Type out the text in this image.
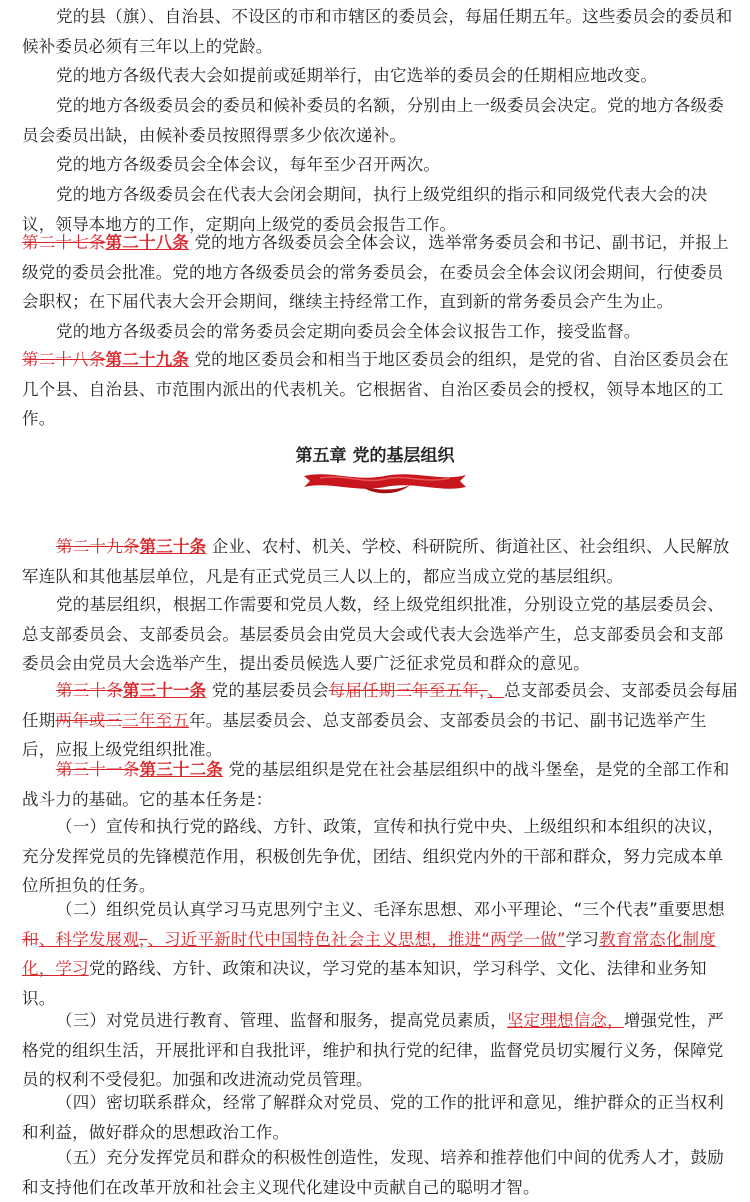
党的县（旗）、自治县、不设区的市和市辖区的委员会，每届任期五年。这些委员会的委员和候补委员必须有三年以上的党龄。

党的地方各级代表大会如提前或延期举行，由它选举的委员会的任期相应地改变。

党的地方各级委员会的委员和候补委员的名额，分别由上一级委员会决定。党的地方各级委员会委员出缺，由候补委员按照得票多少依次递补。

党的地方各级委员会全体会议，每年至少召开两次。

党的地方各级委员会在代表大会闭会期间，执行上级党组织的指示和同级党代表大会的决议，领导本地方的工作，定期向上级党的委员会报告工作。

第二十七条第二十八条 党的地方各级委员会全体会议，选举常务委员会和书记、副书记，并报上级党的委员会批准。党的地方各级委员会的常务委员会，在委员会全体会议闭会期间，行使委员会职权；在下届代表大会开会期间，继续主持经常工作，直到新的常务委员会产生为止。

党的地方各级委员会的常务委员会定期向委员会全体会议报告工作，接受监督。

第二十八条第二十九条 党的地区委员会和相当于地区委员会的组织，是党的省、自治区委员会在几个县、自治县、市范围内派出的代表机关。它根据省、自治区委员会的授权，领导本地区的工作。

第五章 党的基层组织

第二十九条第三十条 企业、农村、机关、学校、科研院所、街道社区、社会组织、人民解放军连队和其他基层单位，凡是有正式党员三人以上的，都应当成立党的基层组织。

党的基层组织，根据工作需要和党员人数，经上级党组织批准，分别设立党的基层委员会、总支部委员会、支部委员会。基层委员会由党员大会或代表大会选举产生，总支部委员会和支部委员会由党员大会选举产生，提出委员候选人要广泛征求党员和群众的意见。

第三十条第三十一条 党的基层委员会每届任期三年至五年，、总支部委员会、支部委员会每届任期两年或三三年至五年。基层委员会、总支部委员会、支部委员会的书记、副书记选举产生后，应报上级党组织批准。

第三十一条第三十二条 党的基层组织是党在社会基层组织中的战斗堡垒，是党的全部工作和战斗力的基础。它的基本任务是：

（一）宣传和执行党的路线、方针、政策，宣传和执行党中央、上级组织和本组织的决议，充分发挥党员的先锋模范作用，积极创先争优，团结、组织党内外的干部和群众，努力完成本单位所担负的任务。

（二）组织党员认真学习马克思列宁主义、毛泽东思想、邓小平理论、“三个代表”重要思想和、科学发展观，、习近平新时代中国特色社会主义思想，推进“两学一做”学习教育常态化制度化，学习党的路线、方针、政策和决议，学习党的基本知识，学习科学、文化、法律和业务知识。

（三）对党员进行教育、管理、监督和服务，提高党员素质，坚定理想信念，增强党性，严格党的组织生活，开展批评和自我批评，维护和执行党的纪律，监督党员切实履行义务，保障党员的权利不受侵犯。加强和改进流动党员管理。

（四）密切联系群众，经常了解群众对党员、党的工作的批评和意见，维护群众的正当权利和利益，做好群众的思想政治工作。

（五）充分发挥党员和群众的积极性创造性，发现、培养和推荐他们中间的优秀人才，鼓励和支持他们在改革开放和社会主义现代化建设中贡献自己的聪明才智。
